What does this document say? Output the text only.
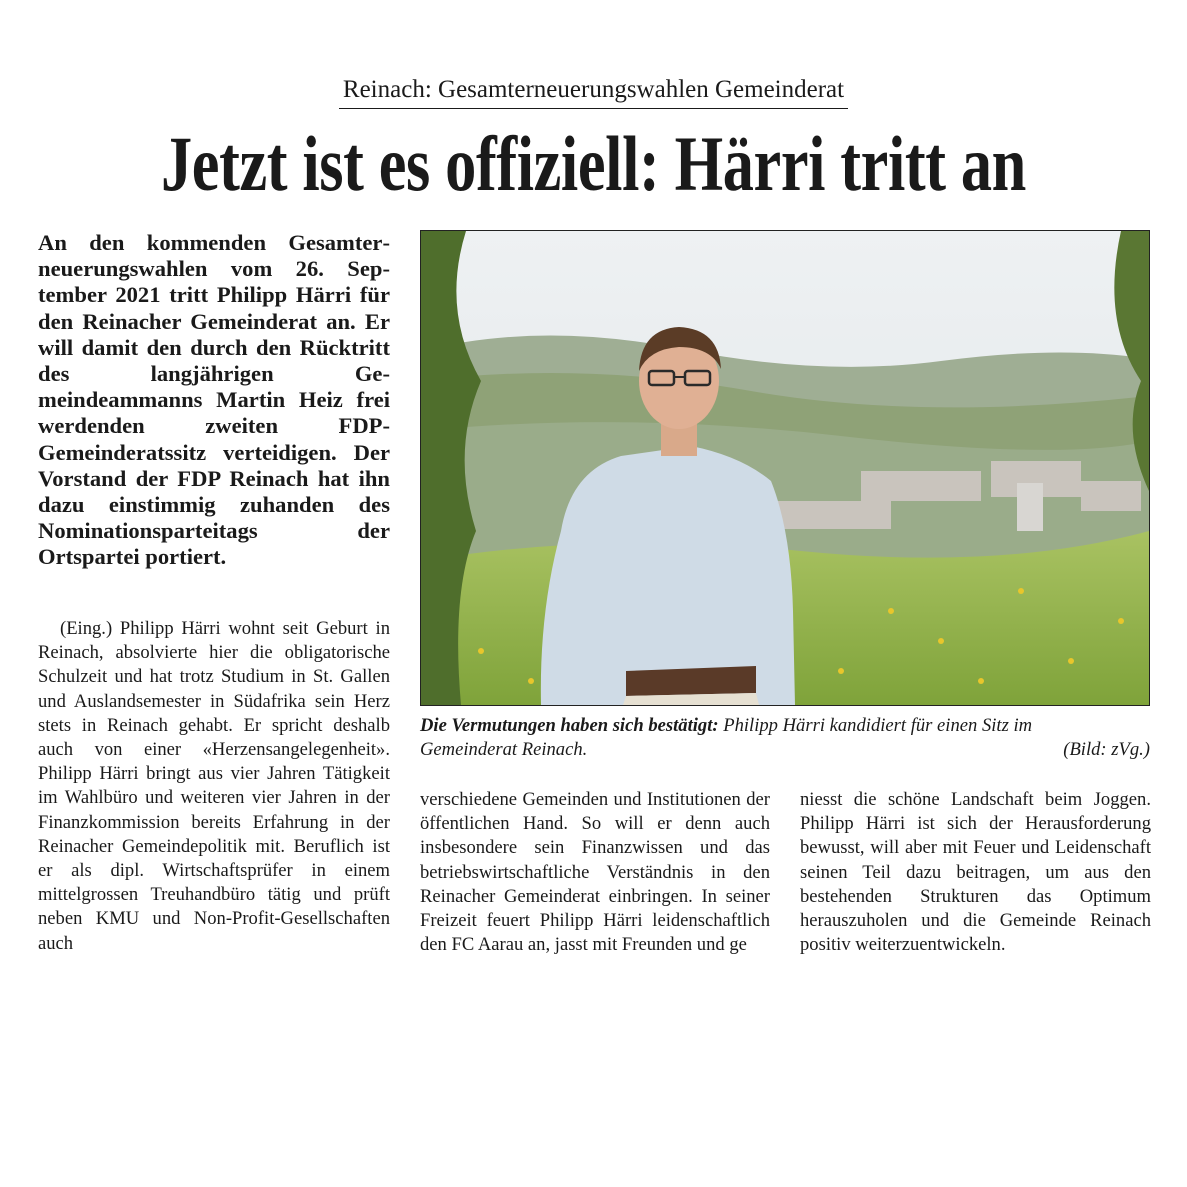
Reinach: Gesamterneuerungswahlen Gemeinderat
Jetzt ist es offiziell: Härri tritt an

An den kommenden Gesamterneuerungswahlen vom 26. September 2021 tritt Philipp Härri für den Reinacher Gemeinderat an. Er will damit den durch den Rücktritt des langjährigen Gemeindeammanns Martin Heiz frei werdenden zweiten FDP-Gemeinderatssitz verteidigen. Der Vorstand der FDP Reinach hat ihn dazu einstimmig zuhanden des Nominationsparteitags der Ortspartei portiert.

(Eing.) Philipp Härri wohnt seit Geburt in Reinach, absolvierte hier die obligatorische Schulzeit und hat trotz Studium in St. Gallen und Auslandsemester in Südafrika sein Herz stets in Reinach gehabt. Er spricht deshalb auch von einer «Herzensangelegenheit». Philipp Härri bringt aus vier Jahren Tätigkeit im Wahlbüro und weiteren vier Jahren in der Finanzkommission bereits Erfahrung in der Reinacher Gemeindepolitik mit. Beruflich ist er als dipl. Wirtschaftsprüfer in einem mittelgrossen Treuhandbüro tätig und prüft neben KMU und Non-Profit-Gesellschaften auch

Die Vermutungen haben sich bestätigt: Philipp Härri kandidiert für einen Sitz im
Gemeinderat Reinach.	(Bild: zVg.)

verschiedene Gemeinden und Institutionen der öffentlichen Hand. So will er denn auch insbesondere sein Finanzwissen und das betriebswirtschaftliche Verständnis in den Reinacher Gemeinderat einbringen. In seiner Freizeit feuert Philipp Härri leidenschaftlich den FC Aarau an, jasst mit Freunden und ge

niesst die schöne Landschaft beim Joggen. Philipp Härri ist sich der Herausforderung bewusst, will aber mit Feuer und Leidenschaft seinen Teil dazu beitragen, um aus den bestehenden Strukturen das Optimum herauszuholen und die Gemeinde Reinach positiv weiterzuentwickeln.
